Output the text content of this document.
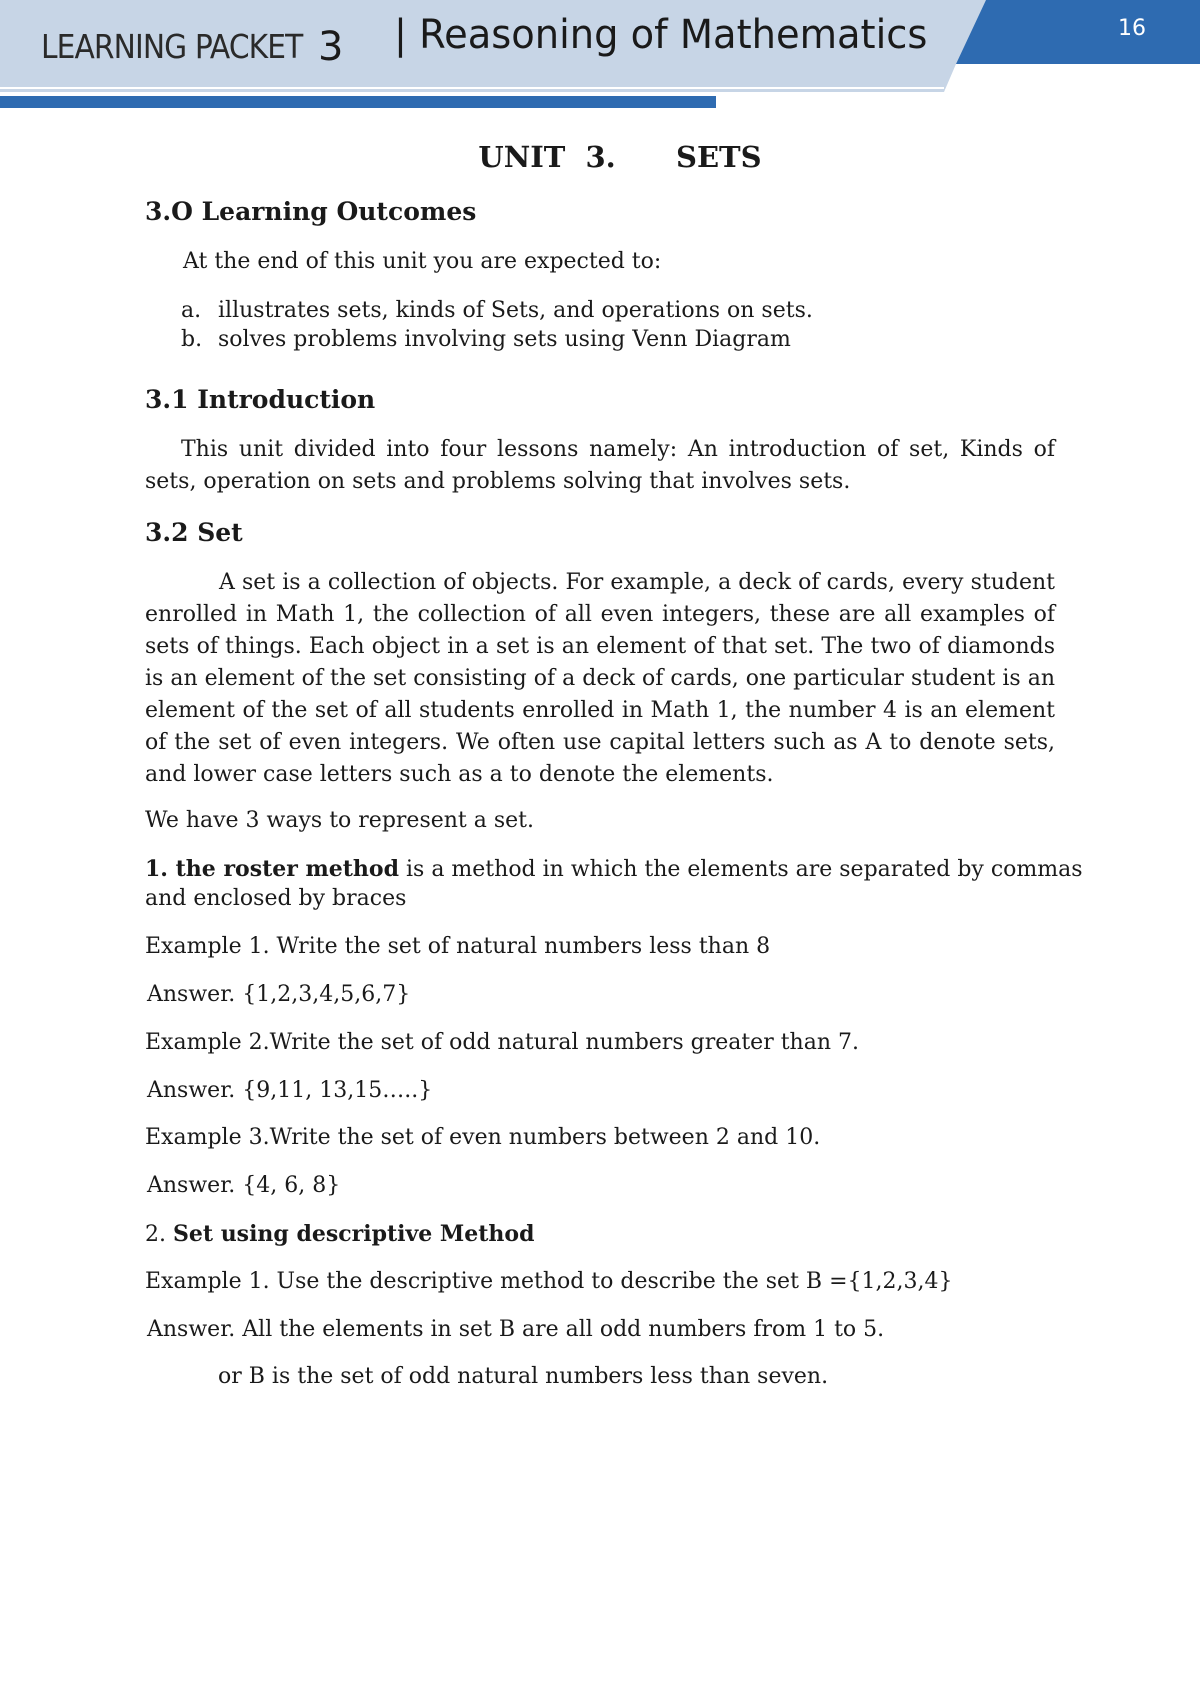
LEARNING PACKET 3 | Reasoning of Mathematics	16
UNIT 3.   SETS
3.O Learning Outcomes
At the end of this unit you are expected to:
a. illustrates sets, kinds of Sets, and operations on sets.
b. solves problems involving sets using Venn Diagram
3.1 Introduction
This unit divided into four lessons namely: An introduction of set, Kinds of sets, operation on sets and problems solving that involves sets.
3.2 Set
A set is a collection of objects. For example, a deck of cards, every student enrolled in Math 1, the collection of all even integers, these are all examples of sets of things. Each object in a set is an element of that set. The two of diamonds is an element of the set consisting of a deck of cards, one particular student is an element of the set of all students enrolled in Math 1, the number 4 is an element of the set of even integers. We often use capital letters such as A to denote sets, and lower case letters such as a to denote the elements.
We have 3 ways to represent a set.
1. the roster method is a method in which the elements are separated by commas
and enclosed by braces
Example 1. Write the set of natural numbers less than 8
Answer. {1,2,3,4,5,6,7}
Example 2.Write the set of odd natural numbers greater than 7.
Answer. {9,11, 13,15…..}
Example 3.Write the set of even numbers between 2 and 10.
Answer. {4, 6, 8}
2. Set using descriptive Method
Example 1. Use the descriptive method to describe the set B ={1,2,3,4}
Answer. All the elements in set B are all odd numbers from 1 to 5.
or B is the set of odd natural numbers less than seven.
